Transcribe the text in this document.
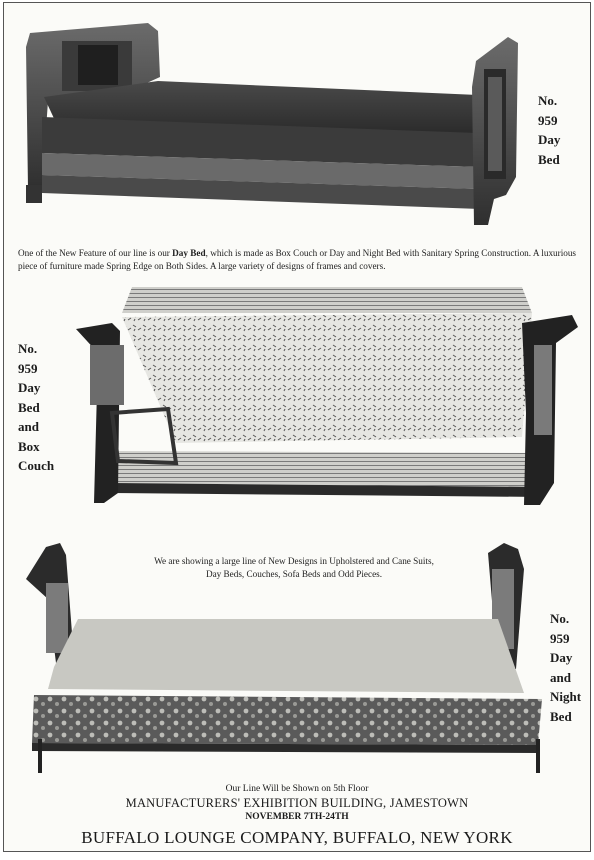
No.
959
Day
Bed
One of the New Feature of our line is our Day Bed, which is made as Box Couch or Day and Night Bed with Sanitary Spring Construction. A luxurious piece of furniture made Spring Edge on Both Sides. A large variety of designs of frames and covers.
No.
959
Day
Bed
and
Box
Couch
We are showing a large line of New Designs in Upholstered and Cane Suits,
Day Beds, Couches, Sofa Beds and Odd Pieces.
No.
959
Day
and
Night
Bed
Our Line Will be Shown on 5th Floor
MANUFACTURERS' EXHIBITION BUILDING, JAMESTOWN
NOVEMBER 7TH-24TH
BUFFALO LOUNGE COMPANY, BUFFALO, NEW YORK
